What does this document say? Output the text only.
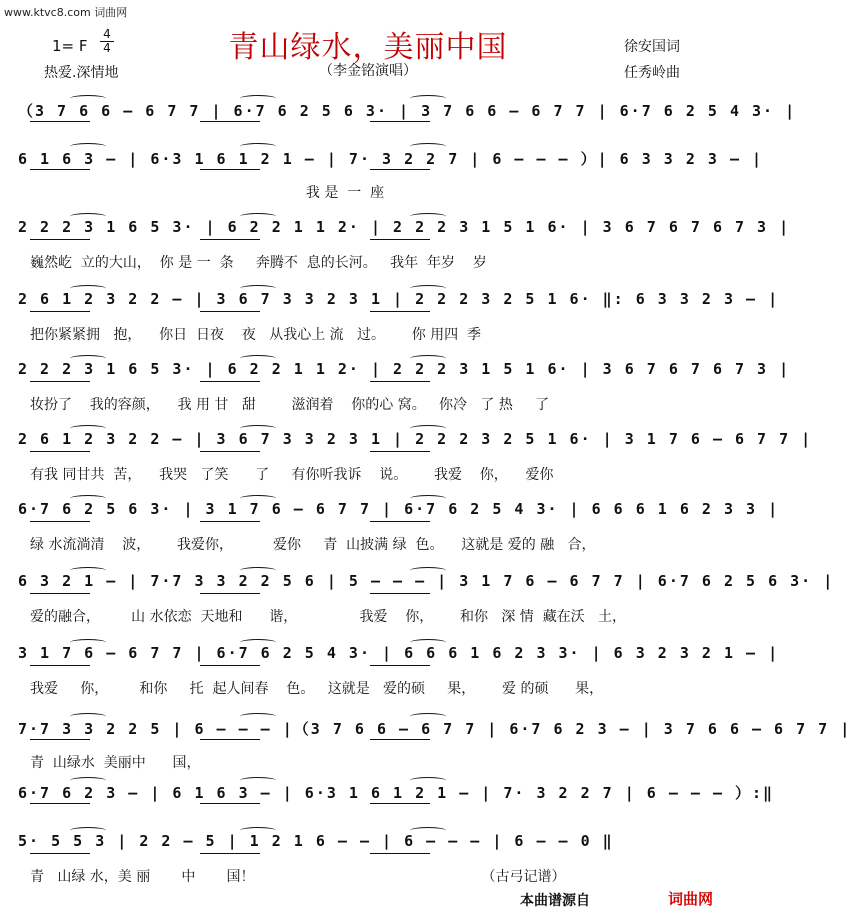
www.ktvc8.com 词曲网
青山绿水，美丽中国
1= F
4
4
热爱.深情地	（李金铭演唱）
徐安国词
任秀岭曲
（3 7 6 6 – 6 7 7 | 6·7 6 2 5 6 3· | 3 7 6 6 – 6 7 7 | 6·7 6 2 5 4 3· |
6 1 6 3 – | 6·3 1 6 1 2 1 – | 7· 3 2 2 7 | 6 – – – ）| 6 3 3 2 3 – |
我 是  一  座
2 2 2 3 1 6 5 3· | 6 2 2 1 1 2· | 2 2 2 3 1 5 1 6· | 3 6 7 6 7 6 7 3 |
巍然屹  立的大山，  你 是 一  条     奔腾不  息的长河。   我年  年岁    岁
2 6 1 2 3 2 2 – | 3 6 7 3 3 2 3 1 | 2 2 2 3 2 5 1 6· ‖: 6 3 3 2 3 – |
把你紧紧拥   抱，    你日  日夜    夜   从我心上 流   过。      你 用四  季
2 2 2 3 1 6 5 3· | 6 2 2 1 1 2· | 2 2 2 3 1 5 1 6· | 3 6 7 6 7 6 7 3 |
妆扮了    我的容颜，    我 用 甘   甜        滋润着    你的心 窝。   你冷   了 热     了
2 6 1 2 3 2 2 – | 3 6 7 3 3 2 3 1 | 2 2 2 3 2 5 1 6· | 3 1 7 6 – 6 7 7 |
有我 同甘共  苦，    我哭   了笑      了     有你听我诉    说。      我爱    你，    爱你
6·7 6 2 5 6 3· | 3 1 7 6 – 6 7 7 | 6·7 6 2 5 4 3· | 6 6 6 1 6 2 3 3 |
绿 水流淌清    波，      我爱你，         爱你     青  山披满 绿  色。    这就是 爱的 融   合，
6 3 2 1 – | 7·7 3 3 2 2 5 6 | 5 – – – | 3 1 7 6 – 6 7 7 | 6·7 6 2 5 6 3· |
爱的融合，       山 水依恋  天地和      谐，              我爱    你，      和你   深 情  藏在沃   土，
3 1 7 6 – 6 7 7 | 6·7 6 2 5 4 3· | 6 6 6 1 6 2 3 3· | 6 3 2 3 2 1 – |
我爱     你，       和你     托  起人间春    色。   这就是   爱的硕     果，      爱 的硕      果，
7·7 3 3 2 2 5 | 6 – – – |（3 7 6 6 – 6 7 7 | 6·7 6 2 3 – | 3 7 6 6 – 6 7 7 |
青  山绿水  美丽中      国，
6·7 6 2 3 – | 6 1 6 3 – | 6·3 1 6 1 2 1 – | 7· 3 2 2 7 | 6 – – – ）:‖
5· 5 5 3 | 2 2 – 5 | 1 2 1 6 – – | 6 – – – | 6 – – 0 ‖
青   山绿 水，美 丽       中       国！                                                   （古弓记谱）
本曲谱源自	词曲网
